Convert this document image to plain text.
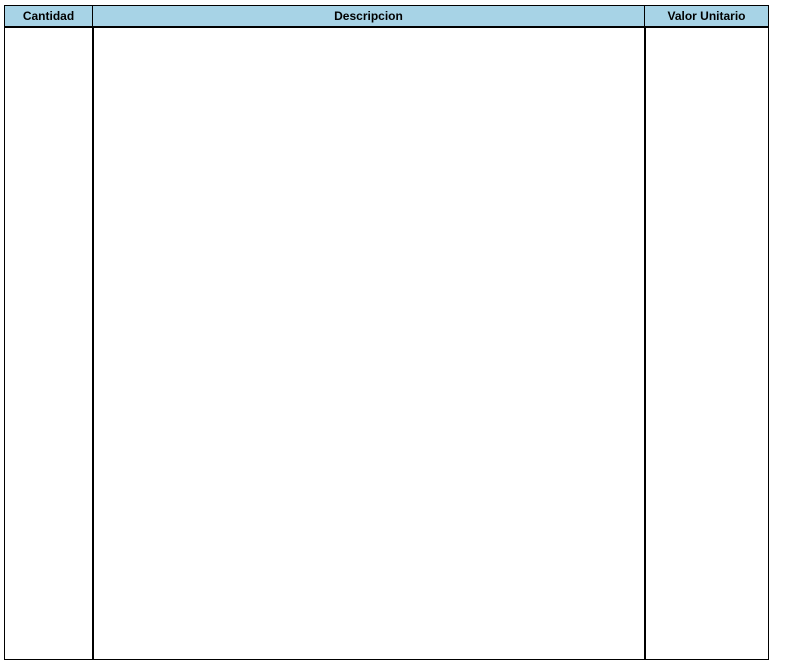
Cantidad	Descripcion	Valor Unitario
